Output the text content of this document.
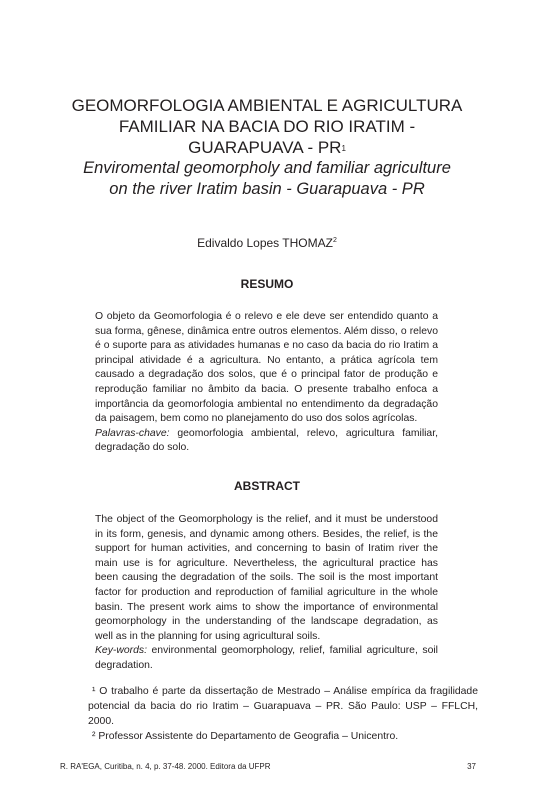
GEOMORFOLOGIA AMBIENTAL E AGRICULTURA
FAMILIAR NA BACIA DO RIO IRATIM -
GUARAPUAVA - $PR^1$
Enviromental geomorpholy and familiar agriculture
on the river Iratim basin - Guarapuava - PR
Edivaldo Lopes THOMAZ$^2$
RESUMO

O objeto da Geomorfologia é o relevo e ele deve ser entendido quanto a sua forma, gênese, dinâmica entre outros elementos. Além disso, o relevo é o suporte para as atividades humanas e no caso da bacia do rio Iratim a principal atividade é a agricultura. No entanto, a prática agrícola tem causado a degradação dos solos, que é o principal fator de produção e reprodução familiar no âmbito da bacia. O presente trabalho enfoca a importância da geomorfologia ambiental no entendimento da degradação da paisagem, bem como no planejamento do uso dos solos agrícolas.

Palavras-chave: geomorfologia ambiental, relevo, agricultura familiar, degradação do solo.

ABSTRACT

The object of the Geomorphology is the relief, and it must be understood in its form, genesis, and dynamic among others. Besides, the relief, is the support for human activities, and concerning to basin of Iratim river the main use is for agriculture. Nevertheless, the agricultural practice has been causing the degradation of the soils. The soil is the most important factor for production and reproduction of familial agriculture in the whole basin. The present work aims to show the importance of environmental geomorphology in the understanding of the landscape degradation, as well as in the planning for using agricultural soils.

Key-words: environmental geomorphology, relief, familial agriculture, soil degradation.

¹ O trabalho é parte da dissertação de Mestrado – Análise empírica da fragilidade potencial da bacia do rio Iratim – Guarapuava – PR. São Paulo: USP – FFLCH, 2000.

² Professor Assistente do Departamento de Geografia – Unicentro.

R. RA'EGA, Curitiba, n. 4, p. 37-48. 2000. Editora da UFPR	37
